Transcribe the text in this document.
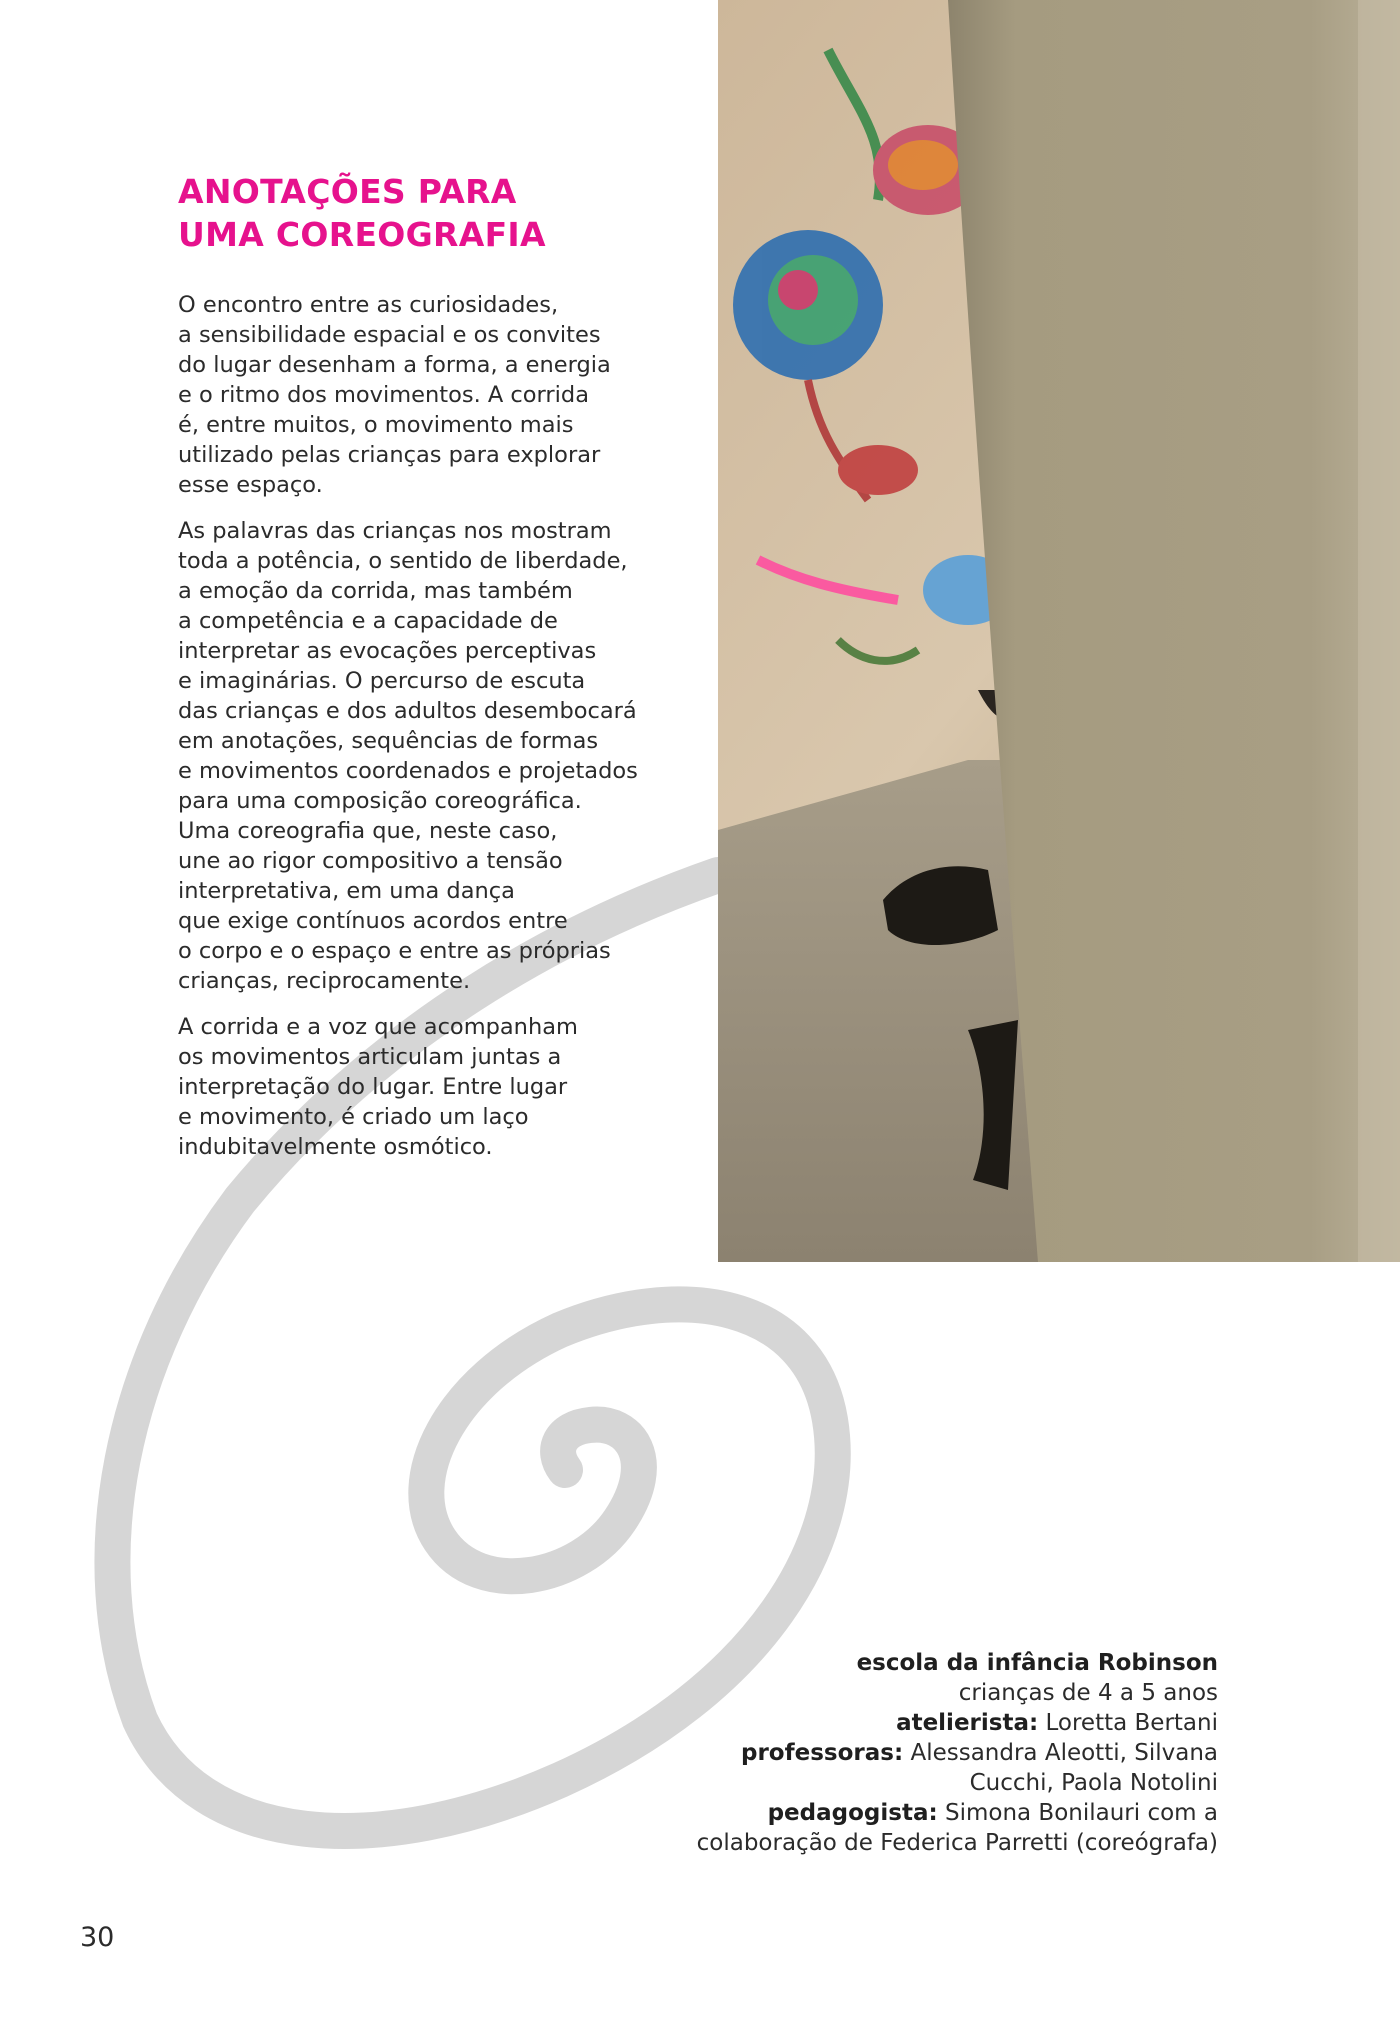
ANOTAÇÕES PARA
UMA COREOGRAFIA

O encontro entre as curiosidades,
a sensibilidade espacial e os convites
do lugar desenham a forma, a energia
e o ritmo dos movimentos. A corrida
é, entre muitos, o movimento mais
utilizado pelas crianças para explorar
esse espaço.

As palavras das crianças nos mostram
toda a potência, o sentido de liberdade,
a emoção da corrida, mas também
a competência e a capacidade de
interpretar as evocações perceptivas
e imaginárias. O percurso de escuta
das crianças e dos adultos desembocará
em anotações, sequências de formas
e movimentos coordenados e projetados
para uma composição coreográfica.
Uma coreografia que, neste caso,
une ao rigor compositivo a tensão
interpretativa, em uma dança
que exige contínuos acordos entre
o corpo e o espaço e entre as próprias
crianças, reciprocamente.

A corrida e a voz que acompanham
os movimentos articulam juntas a
interpretação do lugar. Entre lugar
e movimento, é criado um laço
indubitavelmente osmótico.

escola da infância Robinson
crianças de 4 a 5 anos
atelierista: Loretta Bertani
professoras: Alessandra Aleotti, Silvana
Cucchi, Paola Notolini
pedagogista: Simona Bonilauri com a
colaboração de Federica Parretti (coreógrafa)
30
